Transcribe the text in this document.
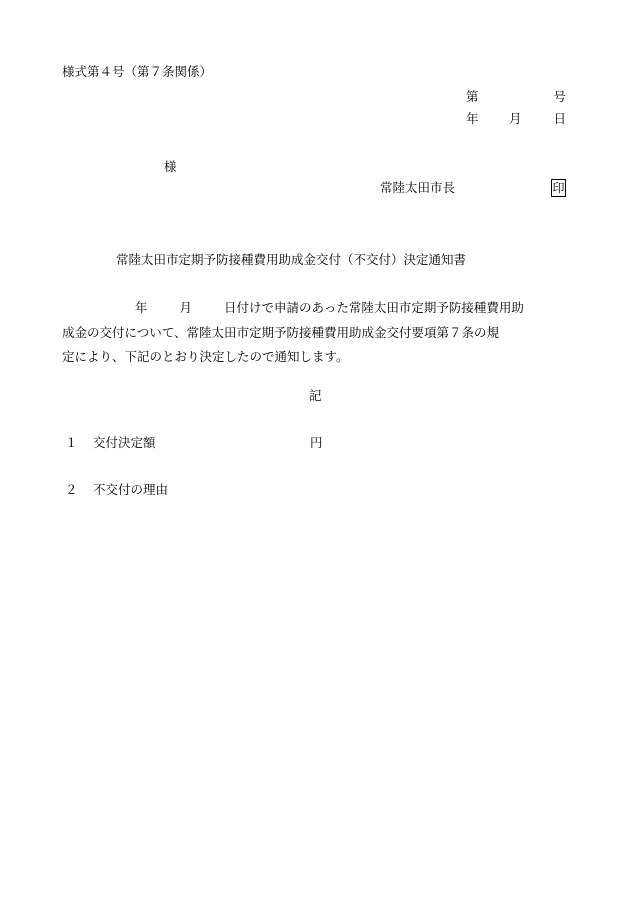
様式第４号（第７条関係）
第	号
年 月	日
様
常陸太田市長	印
常陸太田市定期予防接種費用助成金交付（不交付）決定通知書
年	月	日付けで申請のあった常陸太田市定期予防接種費用助
成金の交付について、常陸太田市定期予防接種費用助成金交付要項第７条の規
定により、下記のとおり決定したので通知します。
記
１ 交付決定額	円
２ 不交付の理由
